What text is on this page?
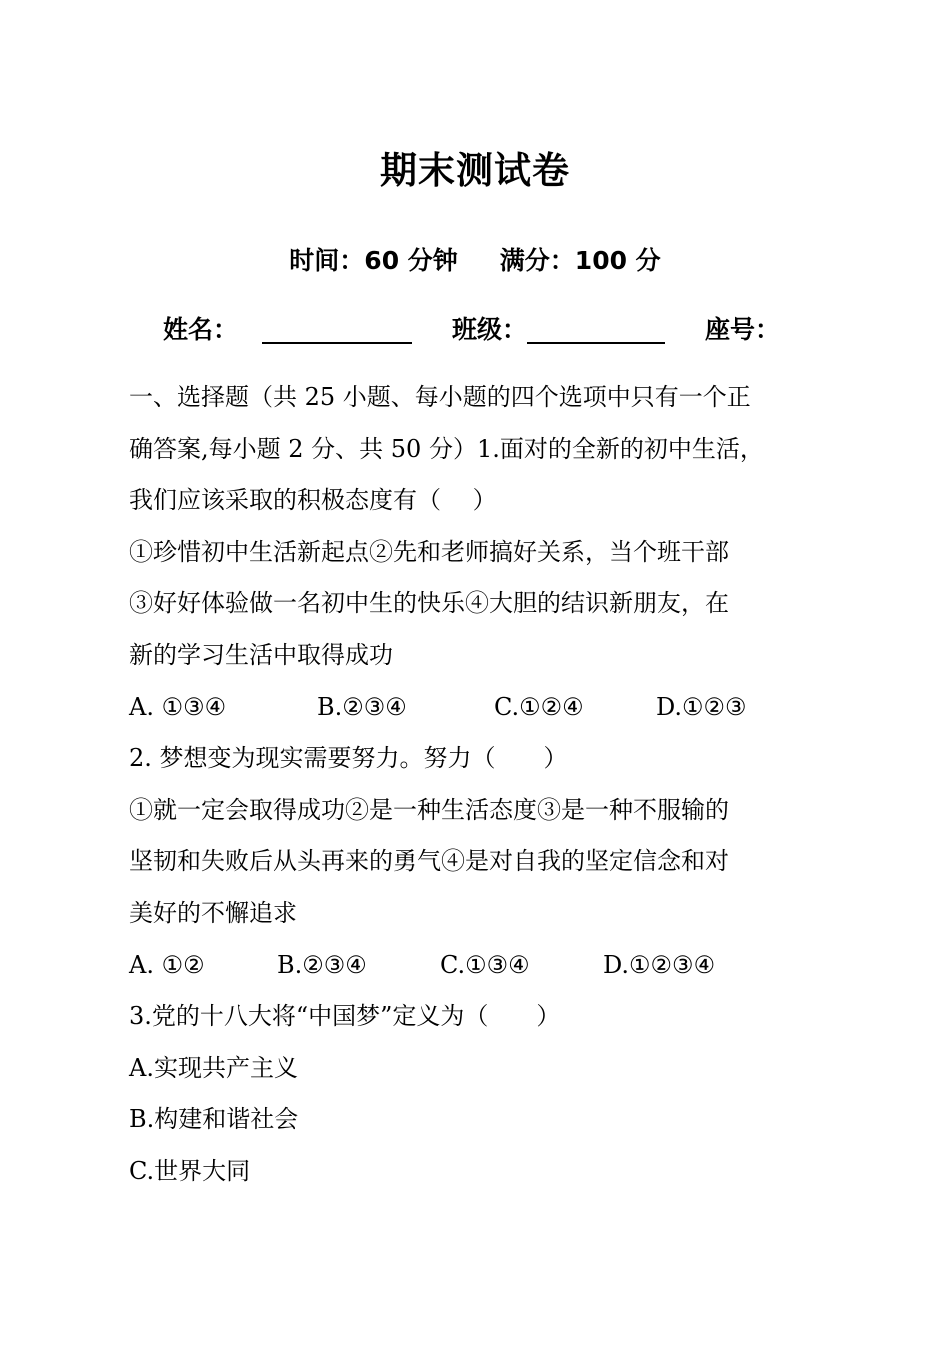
期末测试卷
时间：60 分钟 满分：100 分
姓名：	班级：	座号：
一、选择题（共 25 小题、每小题的四个选项中只有一个正
确答案,每小题 2 分、共 50 分）1.面对的全新的初中生活，
我们应该采取的积极态度有（　 ）
①珍惜初中生活新起点②先和老师搞好关系，当个班干部
③好好体验做一名初中生的快乐④大胆的结识新朋友，在
新的学习生活中取得成功
A. ①③④	B.②③④	C.①②④	D.①②③
2. 梦想变为现实需要努力。努力（　　）
①就一定会取得成功②是一种生活态度③是一种不服输的
坚韧和失败后从头再来的勇气④是对自我的坚定信念和对
美好的不懈追求
A. ①②	B.②③④	C.①③④	D.①②③④
3.党的十八大将“中国梦”定义为（　　）
A.实现共产主义
B.构建和谐社会
C.世界大同
